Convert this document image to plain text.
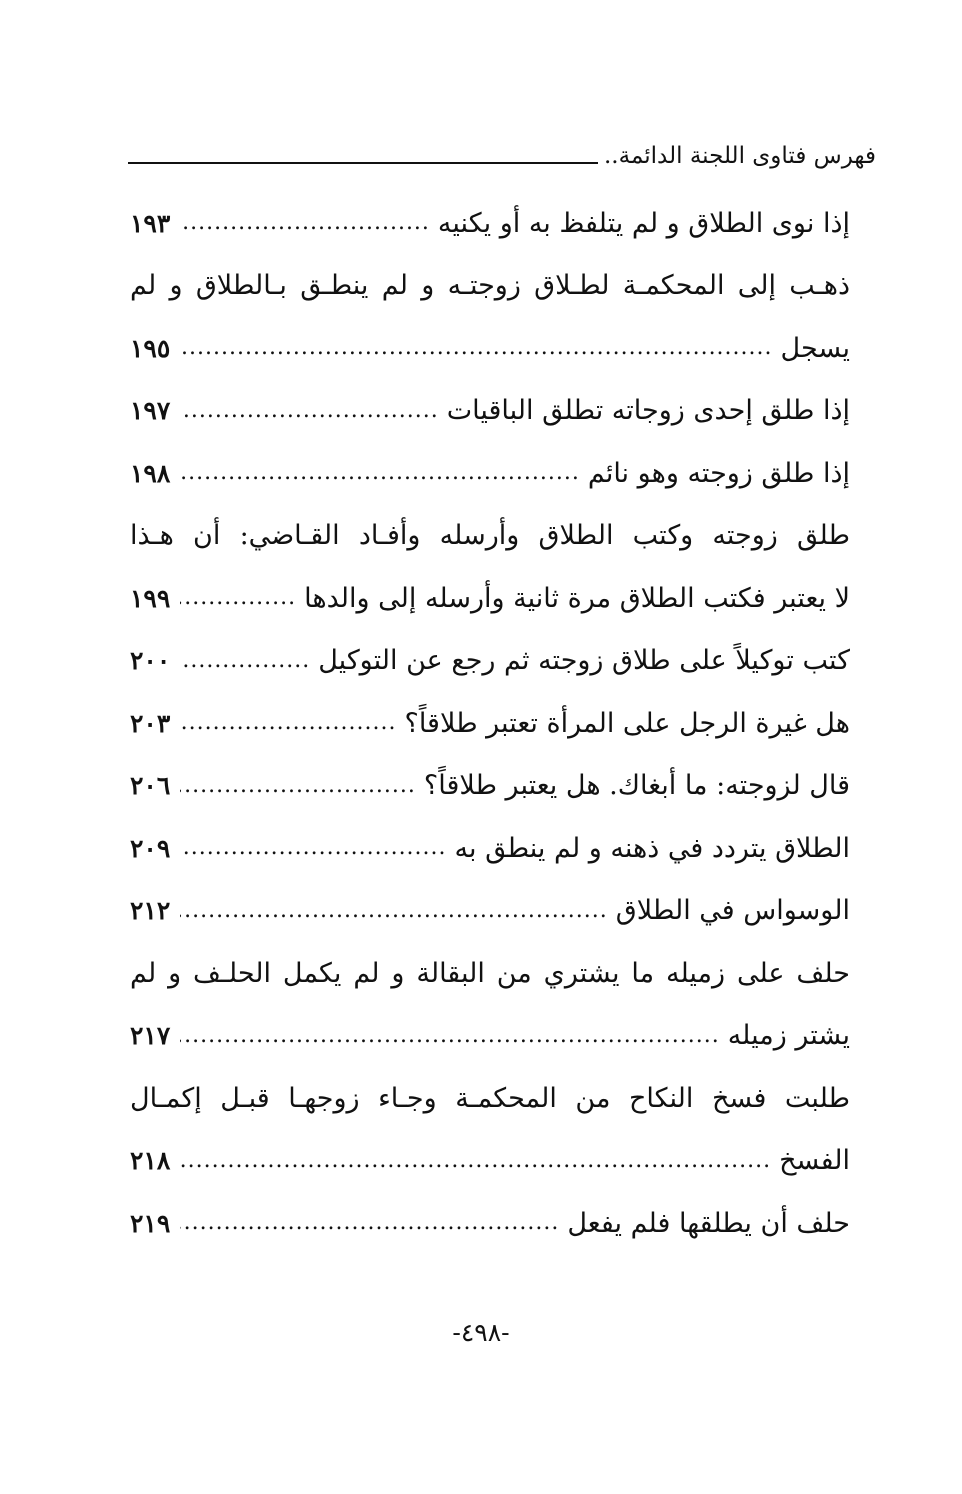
فهرس فتاوى اللجنة الدائمة..
إذا نوى الطلاق و لم يتلفظ به أو يكنيه
.....
١٩٣
ذهـب إلى المحكمـة لطـلاق زوجتـه و لم ينطـق بـالطلاق و لم
يسجل
.....
١٩٥
إذا طلق إحدى زوجاته تطلق الباقيات
.....
١٩٧
إذا طلق زوجته وهو نائم
.....
١٩٨
طلق زوجته وكتب الطلاق وأرسله وأفـاد القـاضي: أن هـذا
لا يعتبر فكتب الطلاق مرة ثانية وأرسله إلى والدها
.....
١٩٩
كتب توكيلاً على طلاق زوجته ثم رجع عن التوكيل
.....
٢٠٠
هل غيرة الرجل على المرأة تعتبر طلاقاً؟
.....
٢٠٣
قال لزوجته: ما أبغاك. هل يعتبر طلاقاً؟
.....
٢٠٦
الطلاق يتردد في ذهنه و لم ينطق به
.....
٢٠٩
الوسواس في الطلاق
.....
٢١٢
حلف على زميله ما يشتري من البقالة و لم يكمل الحلـف و لم
يشتر زميله
.....
٢١٧
طلبت فسخ النكاح من المحكمـة وجـاء زوجهـا قبـل إكمـال
الفسخ
.....
٢١٨
حلف أن يطلقها فلم يفعل
.....
٢١٩
-٤٩٨-
